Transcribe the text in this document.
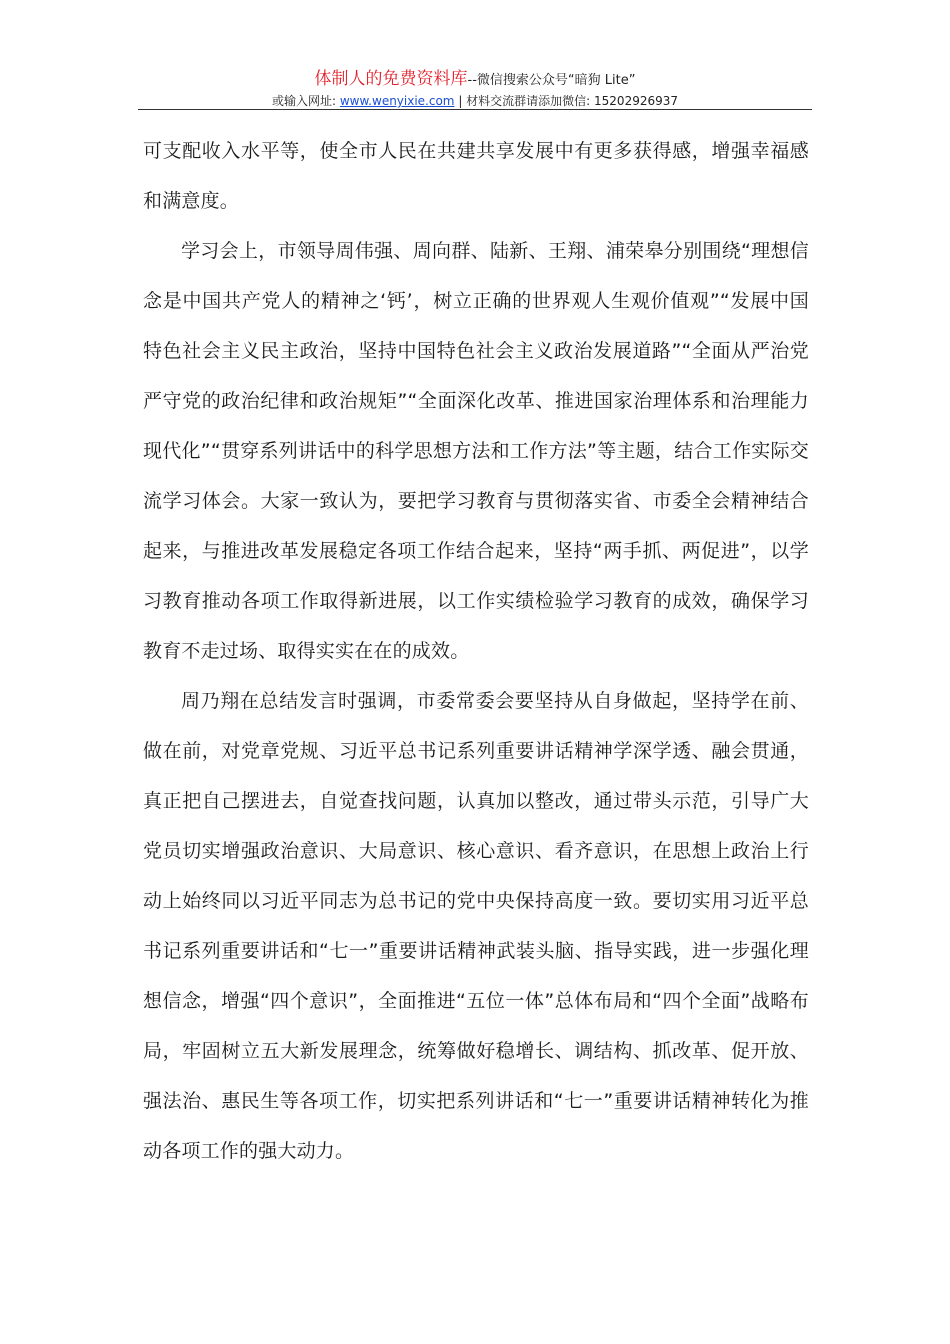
体制人的免费资料库--微信搜索公众号“暗狗 Lite”
或输入网址: www.wenyixie.com | 材料交流群请添加微信: 15202926937

可支配收入水平等，使全市人民在共建共享发展中有更多获得感，增强幸福感和满意度。

学习会上，市领导周伟强、周向群、陆新、王翔、浦荣皋分别围绕“理想信念是中国共产党人的精神之‘钙’，树立正确的世界观人生观价值观”“发展中国特色社会主义民主政治，坚持中国特色社会主义政治发展道路”“全面从严治党严守党的政治纪律和政治规矩”“全面深化改革、推进国家治理体系和治理能力现代化”“贯穿系列讲话中的科学思想方法和工作方法”等主题，结合工作实际交流学习体会。大家一致认为，要把学习教育与贯彻落实省、市委全会精神结合起来，与推进改革发展稳定各项工作结合起来，坚持“两手抓、两促进”，以学习教育推动各项工作取得新进展，以工作实绩检验学习教育的成效，确保学习教育不走过场、取得实实在在的成效。

周乃翔在总结发言时强调，市委常委会要坚持从自身做起，坚持学在前、做在前，对党章党规、习近平总书记系列重要讲话精神学深学透、融会贯通，真正把自己摆进去，自觉查找问题，认真加以整改，通过带头示范，引导广大党员切实增强政治意识、大局意识、核心意识、看齐意识，在思想上政治上行动上始终同以习近平同志为总书记的党中央保持高度一致。要切实用习近平总书记系列重要讲话和“七一”重要讲话精神武装头脑、指导实践，进一步强化理想信念，增强“四个意识”，全面推进“五位一体”总体布局和“四个全面”战略布局，牢固树立五大新发展理念，统筹做好稳增长、调结构、抓改革、促开放、强法治、惠民生等各项工作，切实把系列讲话和“七一”重要讲话精神转化为推动各项工作的强大动力。
